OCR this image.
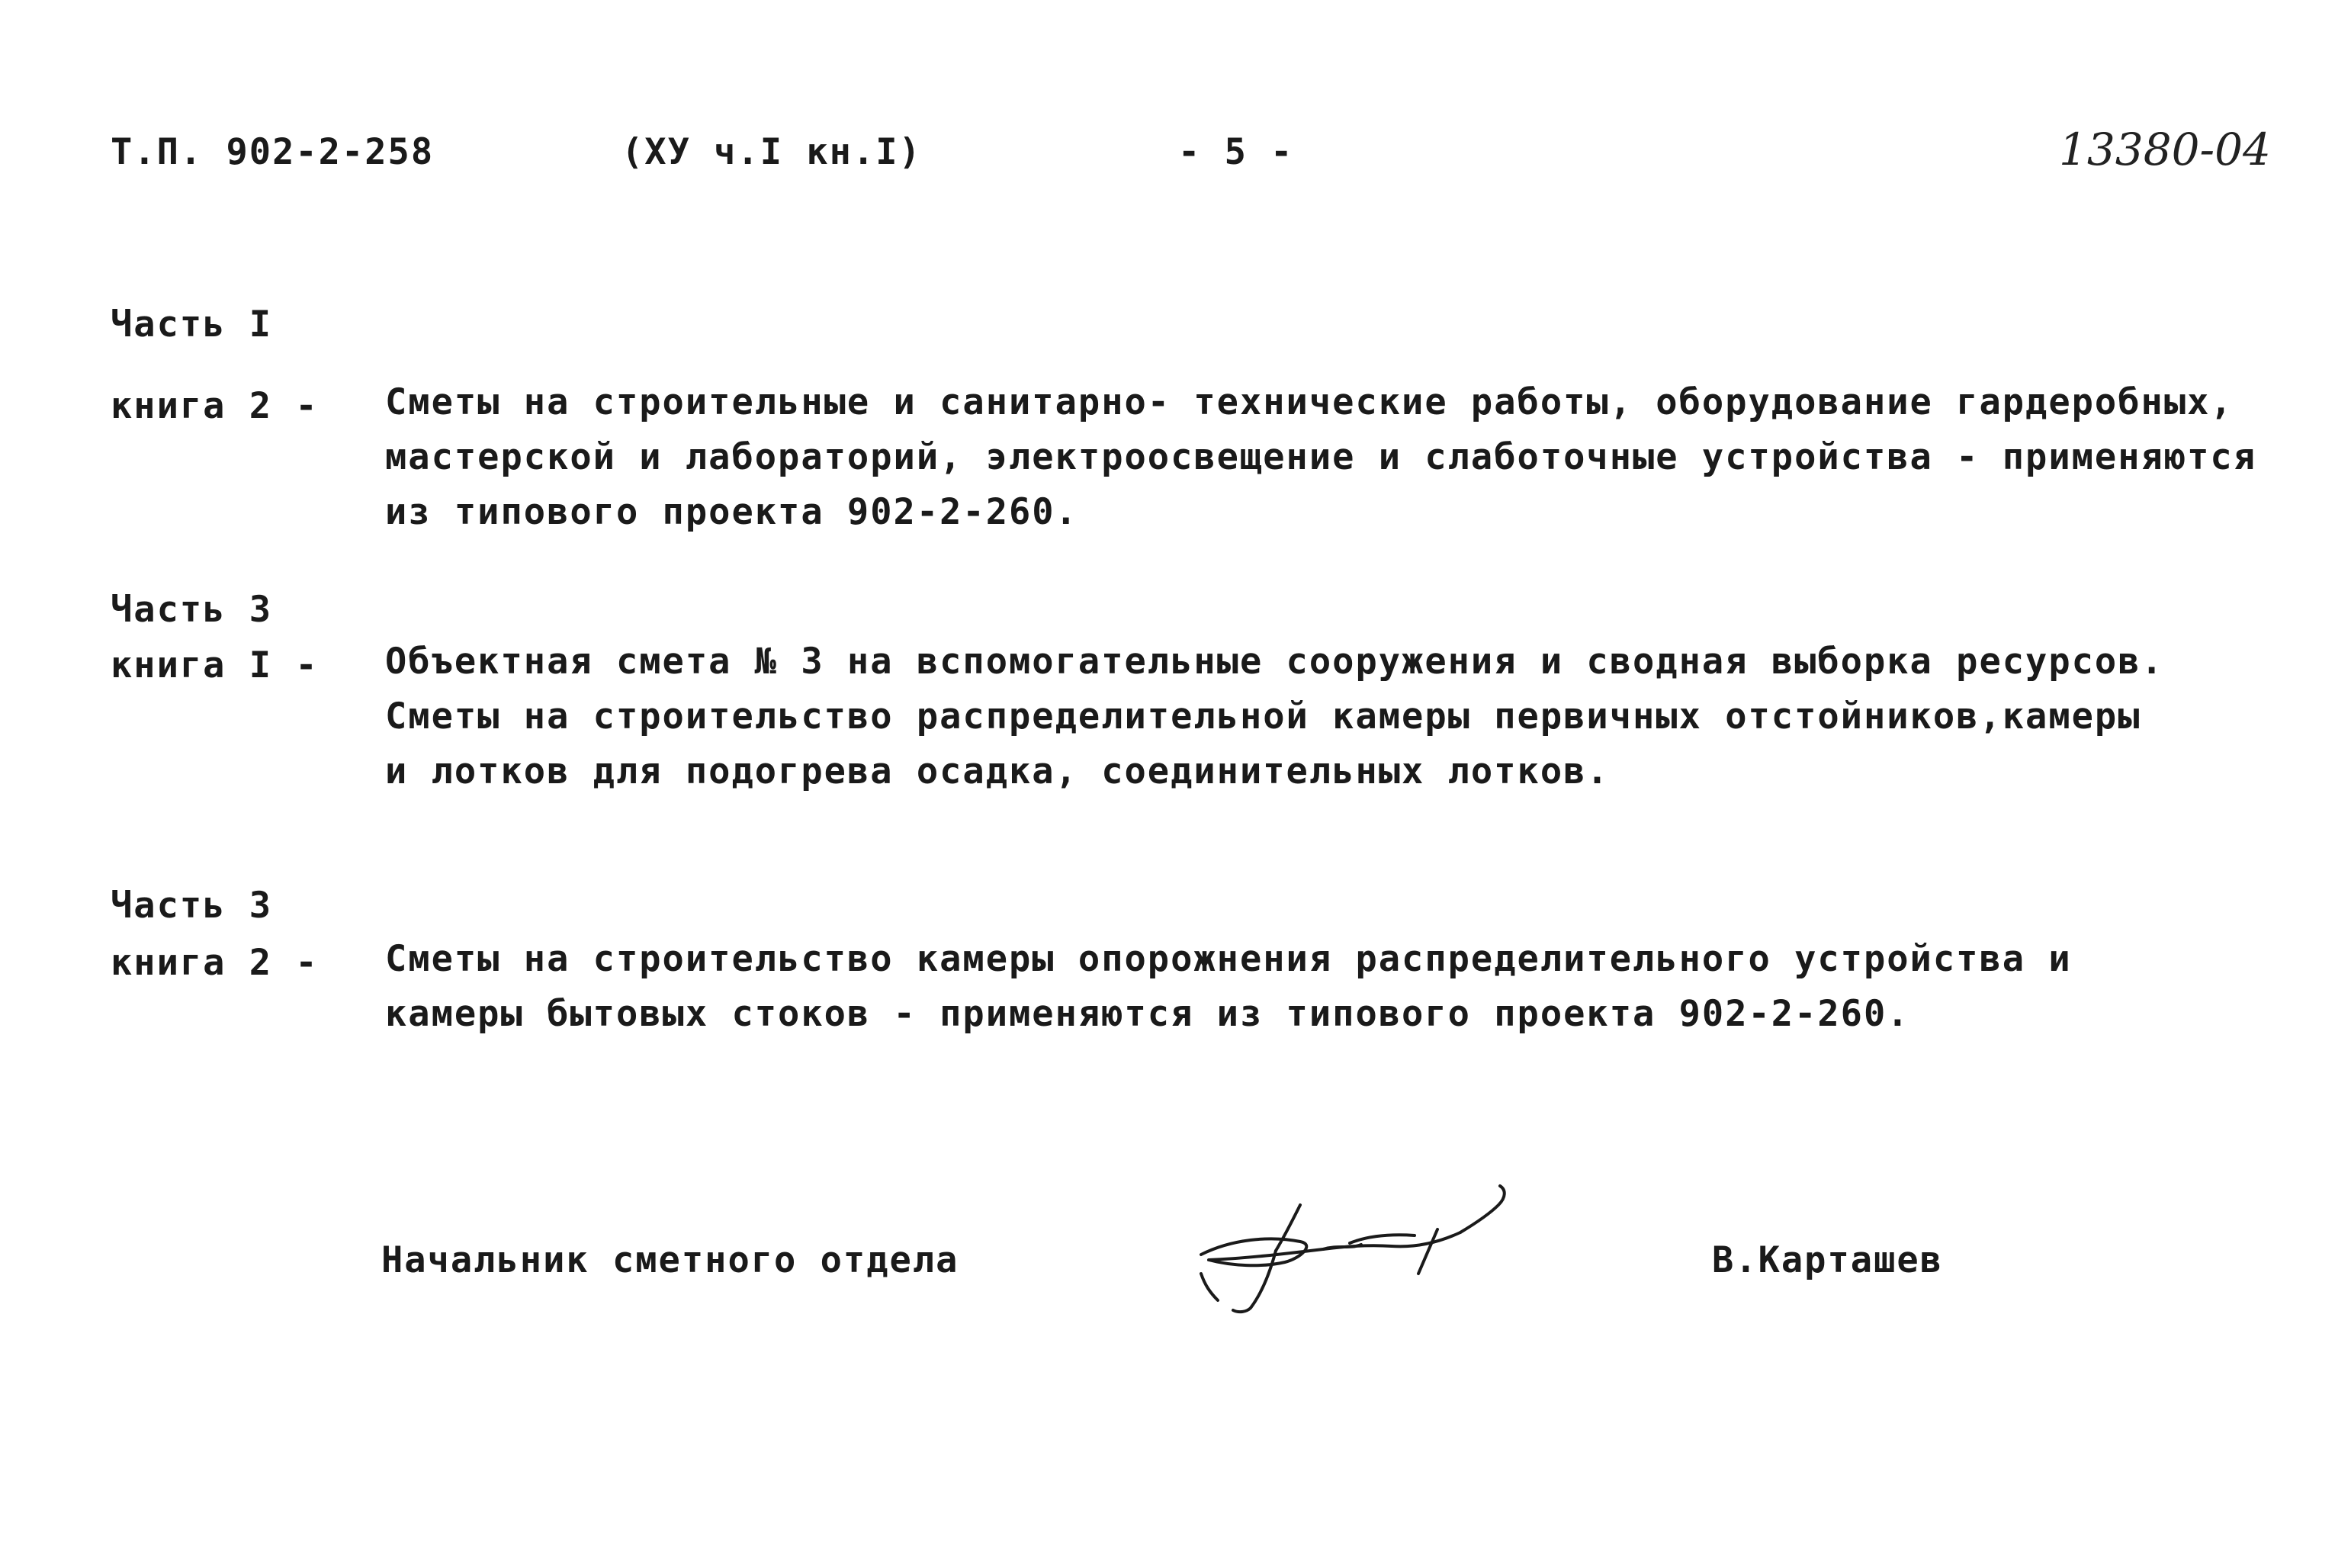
Т.П. 902-2-258	(ХУ ч.I кн.I)	- 5 -	13380-04
Часть I
книга 2 - Сметы на строительные и санитарно- технические работы, оборудование гардеробных,
мастерской и лабораторий, электроосвещение и слаботочные устройства - применяются
из типового проекта 902-2-260.
Часть 3
книга I - Объектная смета № 3 на вспомогательные сооружения и сводная выборка ресурсов.
Сметы на строительство распределительной камеры первичных отстойников,камеры
и лотков для подогрева осадка, соединительных лотков.
Часть 3
книга 2 - Сметы на строительство камеры опорожнения распределительного устройства и
камеры бытовых стоков - применяются из типового проекта 902-2-260.
Начальник сметного отдела	В.Карташев
